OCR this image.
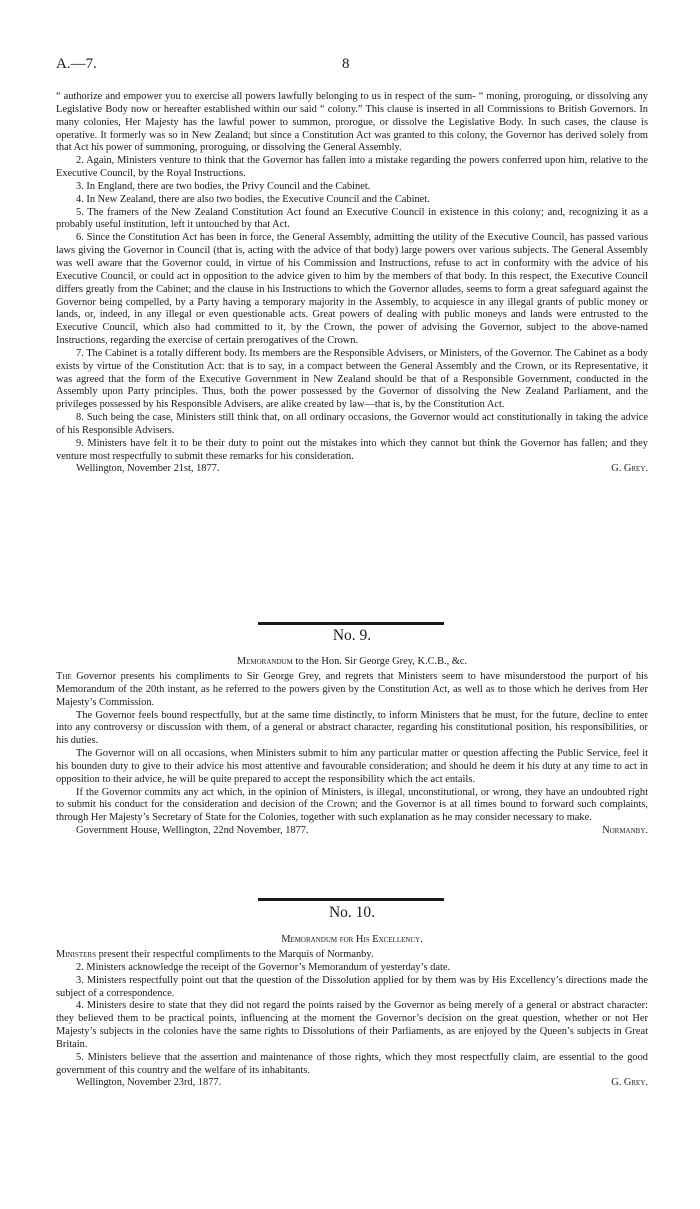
A.—7.	8

“ authorize and empower you to exercise all powers lawfully belonging to us in respect of the sum- “ moning, proroguing, or dissolving any Legislative Body now or hereafter established within our said “ colony.” This clause is inserted in all Commissions to British Governors. In many colonies, Her Majesty has the lawful power to summon, prorogue, or dissolve the Legislative Body. In such cases, the clause is operative. It formerly was so in New Zealand; but since a Constitution Act was granted to this colony, the Governor has derived solely from that Act his power of summoning, proroguing, or dissolving the General Assembly.

2. Again, Ministers venture to think that the Governor has fallen into a mistake regarding the powers conferred upon him, relative to the Executive Council, by the Royal Instructions.

3. In England, there are two bodies, the Privy Council and the Cabinet.

4. In New Zealand, there are also two bodies, the Executive Council and the Cabinet.

5. The framers of the New Zealand Constitution Act found an Executive Council in existence in this colony; and, recognizing it as a probably useful institution, left it untouched by that Act.

6. Since the Constitution Act has been in force, the General Assembly, admitting the utility of the Executive Council, has passed various laws giving the Governor in Council (that is, acting with the advice of that body) large powers over various subjects. The General Assembly was well aware that the Governor could, in virtue of his Commission and Instructions, refuse to act in conformity with the advice of his Executive Council, or could act in opposition to the advice given to him by the members of that body. In this respect, the Executive Council differs greatly from the Cabinet; and the clause in his Instructions to which the Governor alludes, seems to form a great safeguard against the Governor being compelled, by a Party having a temporary majority in the Assembly, to acquiesce in any illegal grants of public money or lands, or, indeed, in any illegal or even questionable acts. Great powers of dealing with public moneys and lands were entrusted to the Executive Council, which also had committed to it, by the Crown, the power of advising the Governor, subject to the above-named Instructions, regarding the exercise of certain prerogatives of the Crown.

7. The Cabinet is a totally different body. Its members are the Responsible Advisers, or Ministers, of the Governor. The Cabinet as a body exists by virtue of the Constitution Act: that is to say, in a compact between the General Assembly and the Crown, or its Representative, it was agreed that the form of the Executive Government in New Zealand should be that of a Responsible Government, conducted in the Assembly upon Party principles. Thus, both the power possessed by the Governor of dissolving the New Zealand Parliament, and the privileges possessed by his Responsible Advisers, are alike created by law—that is, by the Constitution Act.

8. Such being the case, Ministers still think that, on all ordinary occasions, the Governor would act constitutionally in taking the advice of his Responsible Advisers.

9. Ministers have felt it to be their duty to point out the mistakes into which they cannot but think the Governor has fallen; and they venture most respectfully to submit these remarks for his consideration.

Wellington, November 21st, 1877.	G. Grey.
No. 9.
Memorandum to the Hon. Sir George Grey, K.C.B., &c.

The Governor presents his compliments to Sir George Grey, and regrets that Ministers seem to have misunderstood the purport of his Memorandum of the 20th instant, as he referred to the powers given by the Constitution Act, as well as to those which he derives from Her Majesty’s Commission.

The Governor feels bound respectfully, but at the same time distinctly, to inform Ministers that he must, for the future, decline to enter into any controversy or discussion with them, of a general or abstract character, regarding his constitutional position, his responsibilities, or his duties.

The Governor will on all occasions, when Ministers submit to him any particular matter or question affecting the Public Service, feel it his bounden duty to give to their advice his most attentive and favourable consideration; and should he deem it his duty at any time to act in opposition to their advice, he will be quite prepared to accept the responsibility which the act entails.

If the Governor commits any act which, in the opinion of Ministers, is illegal, unconstitutional, or wrong, they have an undoubted right to submit his conduct for the consideration and decision of the Crown; and the Governor is at all times bound to forward such complaints, through Her Majesty’s Secretary of State for the Colonies, together with such explanation as he may consider necessary to make.

Government House, Wellington, 22nd November, 1877.	Normanby.
No. 10.
Memorandum for His Excellency.

Ministers present their respectful compliments to the Marquis of Normanby.

2. Ministers acknowledge the receipt of the Governor’s Memorandum of yesterday’s date.

3. Ministers respectfully point out that the question of the Dissolution applied for by them was by His Excellency’s directions made the subject of a correspondence.

4. Ministers desire to state that they did not regard the points raised by the Governor as being merely of a general or abstract character: they believed them to be practical points, influencing at the moment the Governor’s decision on the great question, whether or not Her Majesty’s subjects in the colonies have the same rights to Dissolutions of their Parliaments, as are enjoyed by the Queen’s subjects in Great Britain.

5. Ministers believe that the assertion and maintenance of those rights, which they most respectfully claim, are essential to the good government of this country and the welfare of its inhabitants.

Wellington, November 23rd, 1877.	G. Grey.
